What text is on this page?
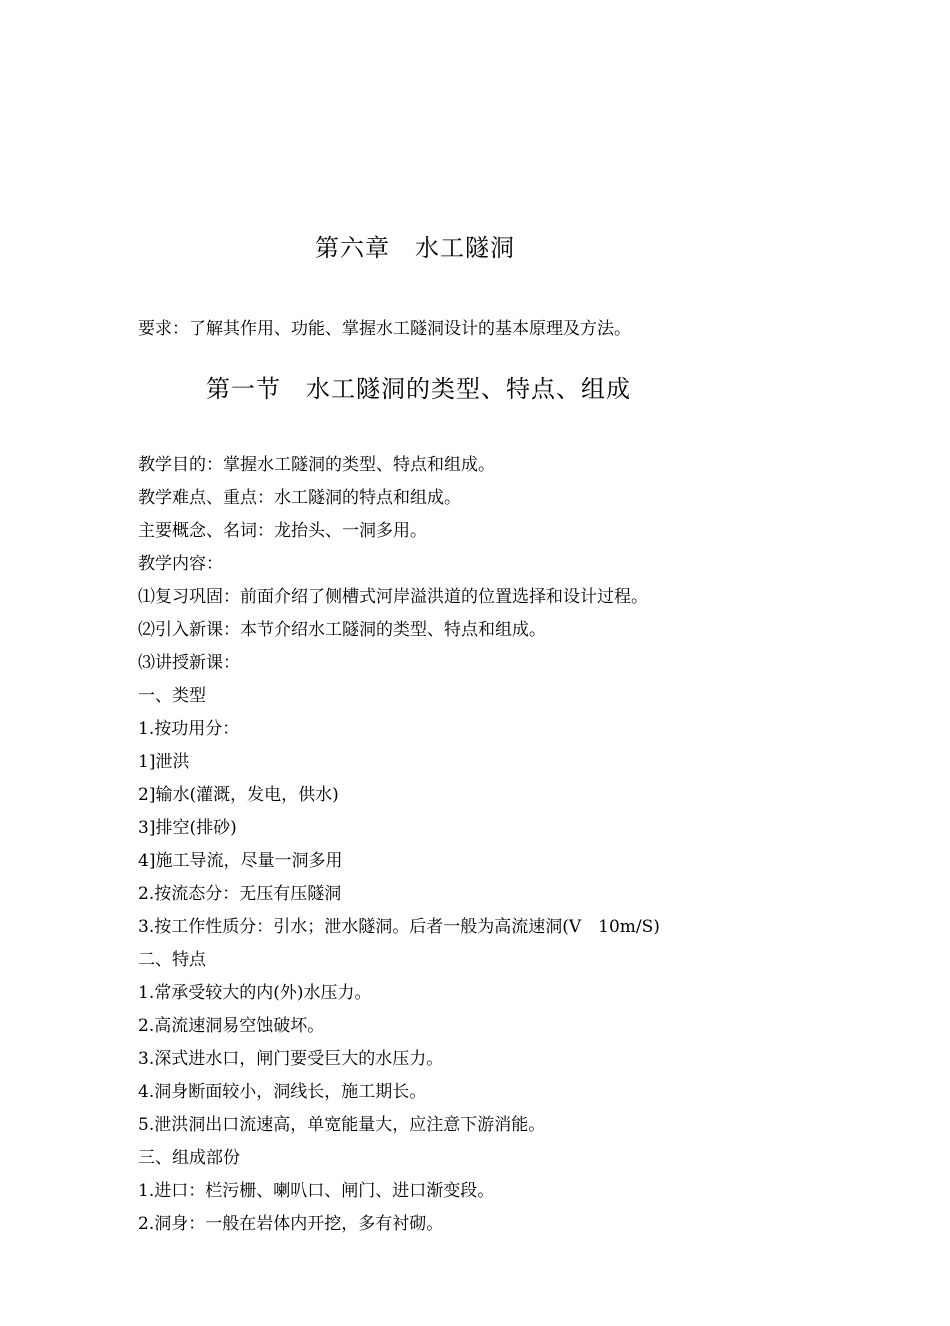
第六章　水工隧洞
要求：了解其作用、功能、掌握水工隧洞设计的基本原理及方法。
第一节　水工隧洞的类型、特点、组成
教学目的：掌握水工隧洞的类型、特点和组成。
教学难点、重点：水工隧洞的特点和组成。
主要概念、名词：龙抬头、一洞多用。
教学内容：
⑴复习巩固：前面介绍了侧槽式河岸溢洪道的位置选择和设计过程。
⑵引入新课：本节介绍水工隧洞的类型、特点和组成。
⑶讲授新课：
一、类型
1.按功用分：
1]泄洪
2]输水(灌溉，发电，供水)
3]排空(排砂)
4]施工导流，尽量一洞多用
2.按流态分：无压有压隧洞
3.按工作性质分：引水；泄水隧洞。后者一般为高流速洞(V　10m/S)
二、特点
1.常承受较大的内(外)水压力。
2.高流速洞易空蚀破坏。
3.深式进水口，闸门要受巨大的水压力。
4.洞身断面较小，洞线长，施工期长。
5.泄洪洞出口流速高，单宽能量大，应注意下游消能。
三、组成部份
1.进口：栏污栅、喇叭口、闸门、进口渐变段。
2.洞身：一般在岩体内开挖，多有衬砌。
